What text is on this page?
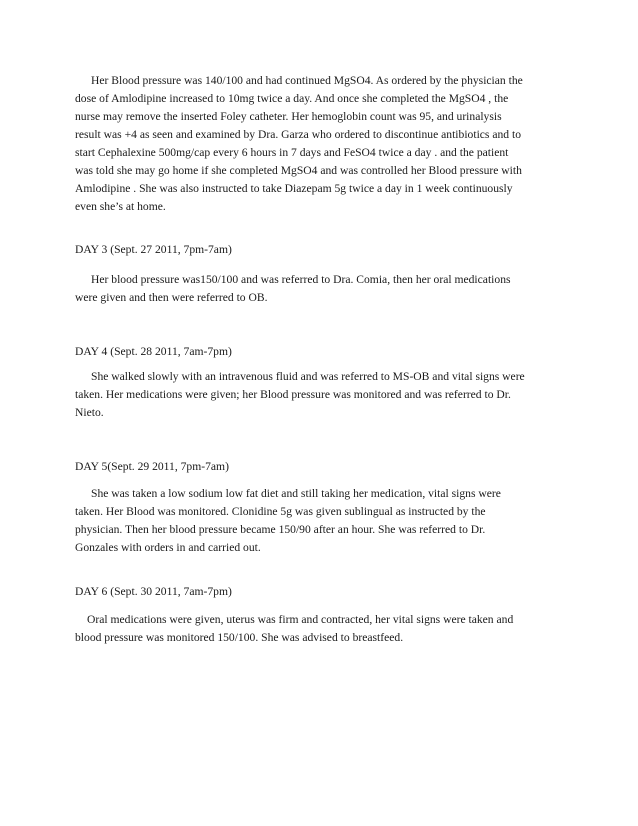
Her Blood pressure was 140/100 and had continued MgSO4. As ordered by the physician the
dose of Amlodipine increased to 10mg twice a day. And once she completed the MgSO4 , the
nurse may remove the inserted Foley catheter. Her hemoglobin count was 95, and urinalysis
result was +4 as seen and examined by Dra. Garza who ordered to discontinue antibiotics and to
start Cephalexine 500mg/cap every 6 hours in 7 days and FeSO4 twice a day . and the patient
was told she may go home if she completed MgSO4 and was controlled her Blood pressure with
Amlodipine . She was also instructed to take Diazepam 5g twice a day in 1 week continuously
even she’s at home.
DAY 3 (Sept. 27 2011, 7pm-7am)
Her blood pressure was150/100 and was referred to Dra. Comia, then her oral medications
were given and then were referred to OB.
DAY 4 (Sept. 28 2011, 7am-7pm)
She walked slowly with an intravenous fluid and was referred to MS-OB and vital signs were
taken. Her medications were given; her Blood pressure was monitored and was referred to Dr.
Nieto.
DAY 5(Sept. 29 2011, 7pm-7am)
She was taken a low sodium low fat diet and still taking her medication, vital signs were
taken. Her Blood was monitored. Clonidine 5g was given sublingual as instructed by the
physician. Then her blood pressure became 150/90 after an hour. She was referred to Dr.
Gonzales with orders in and carried out.
DAY 6 (Sept. 30 2011, 7am-7pm)
Oral medications were given, uterus was firm and contracted, her vital signs were taken and
blood pressure was monitored 150/100. She was advised to breastfeed.
